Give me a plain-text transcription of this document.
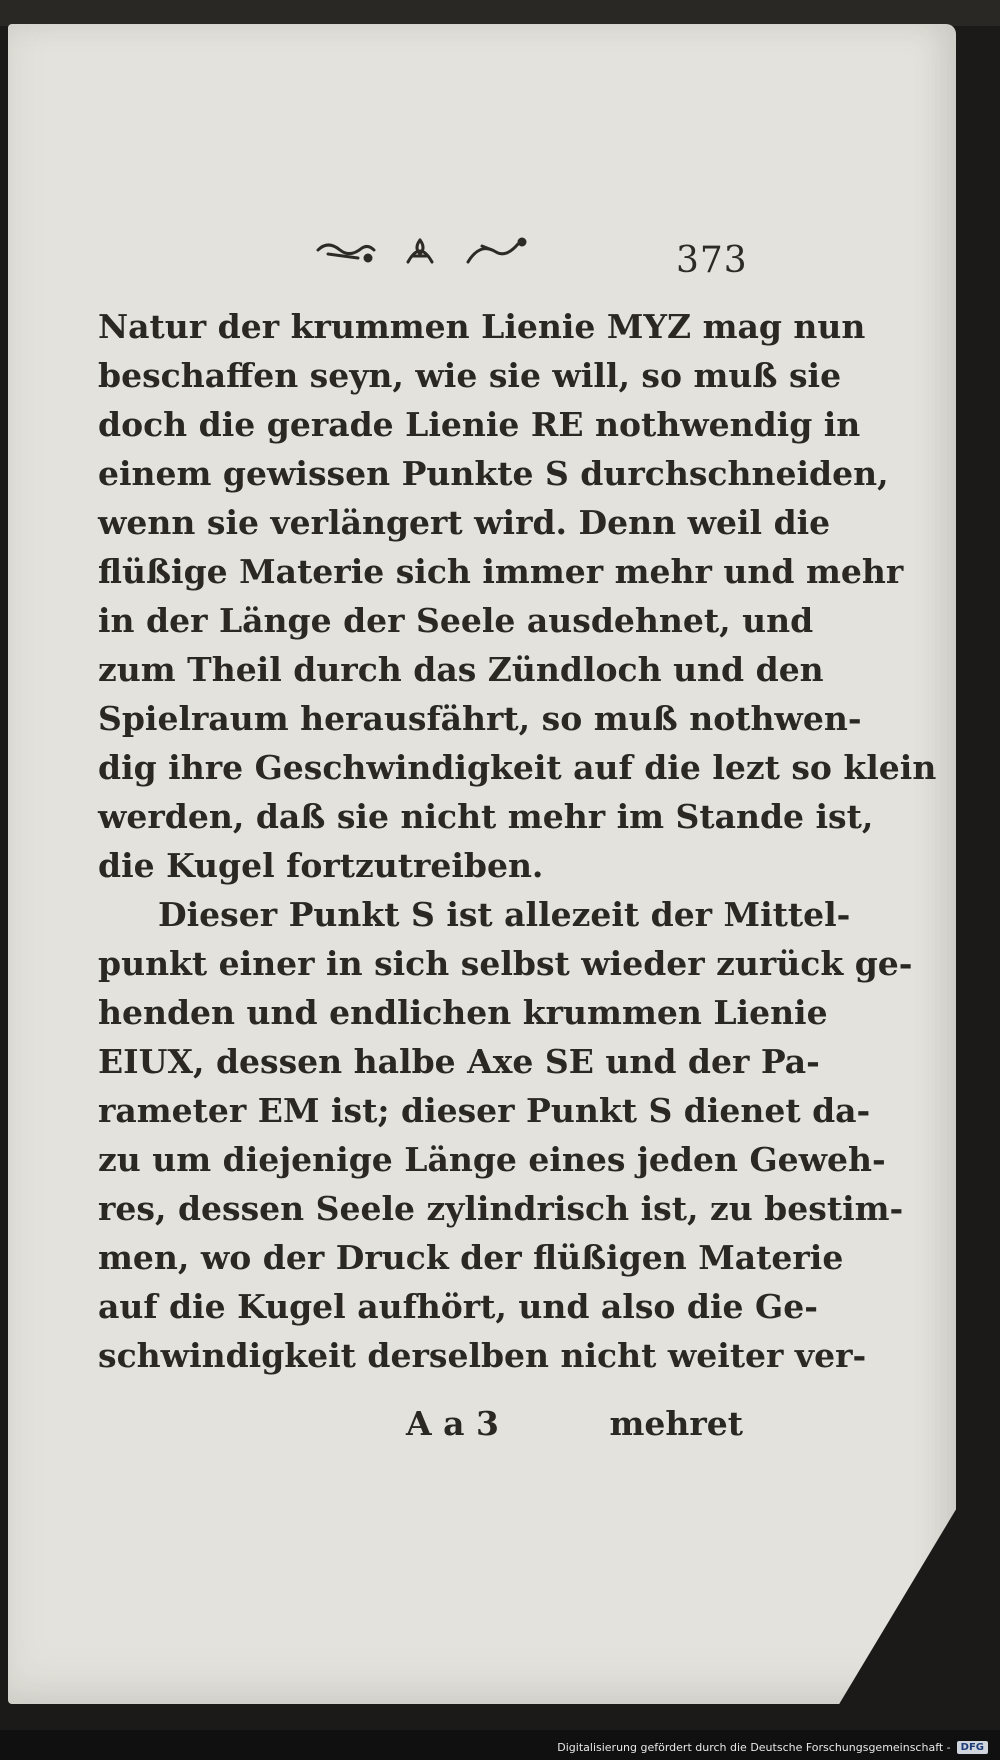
373
Natur der krummen Lienie MYZ mag nun
beschaffen seyn, wie sie will, so muß sie
doch die gerade Lienie RE nothwendig in
einem gewissen Punkte S durchschneiden,
wenn sie verlängert wird. Denn weil die
flüßige Materie sich immer mehr und mehr
in der Länge der Seele ausdehnet, und
zum Theil durch das Zündloch und den
Spielraum herausfährt, so muß nothwen-
dig ihre Geschwindigkeit auf die lezt so klein
werden, daß sie nicht mehr im Stande ist,
die Kugel fortzutreiben.
Dieser Punkt S ist allezeit der Mittel-
punkt einer in sich selbst wieder zurück ge-
henden und endlichen krummen Lienie
EIUX, dessen halbe Axe SE und der Pa-
rameter EM ist; dieser Punkt S dienet da-
zu um diejenige Länge eines jeden Geweh-
res, dessen Seele zylindrisch ist, zu bestim-
men, wo der Druck der flüßigen Materie
auf die Kugel aufhört, und also die Ge-
schwindigkeit derselben nicht weiter ver-
A a 3	mehret
Digitalisierung gefördert durch die Deutsche Forschungsgemeinschaft -	DFG
